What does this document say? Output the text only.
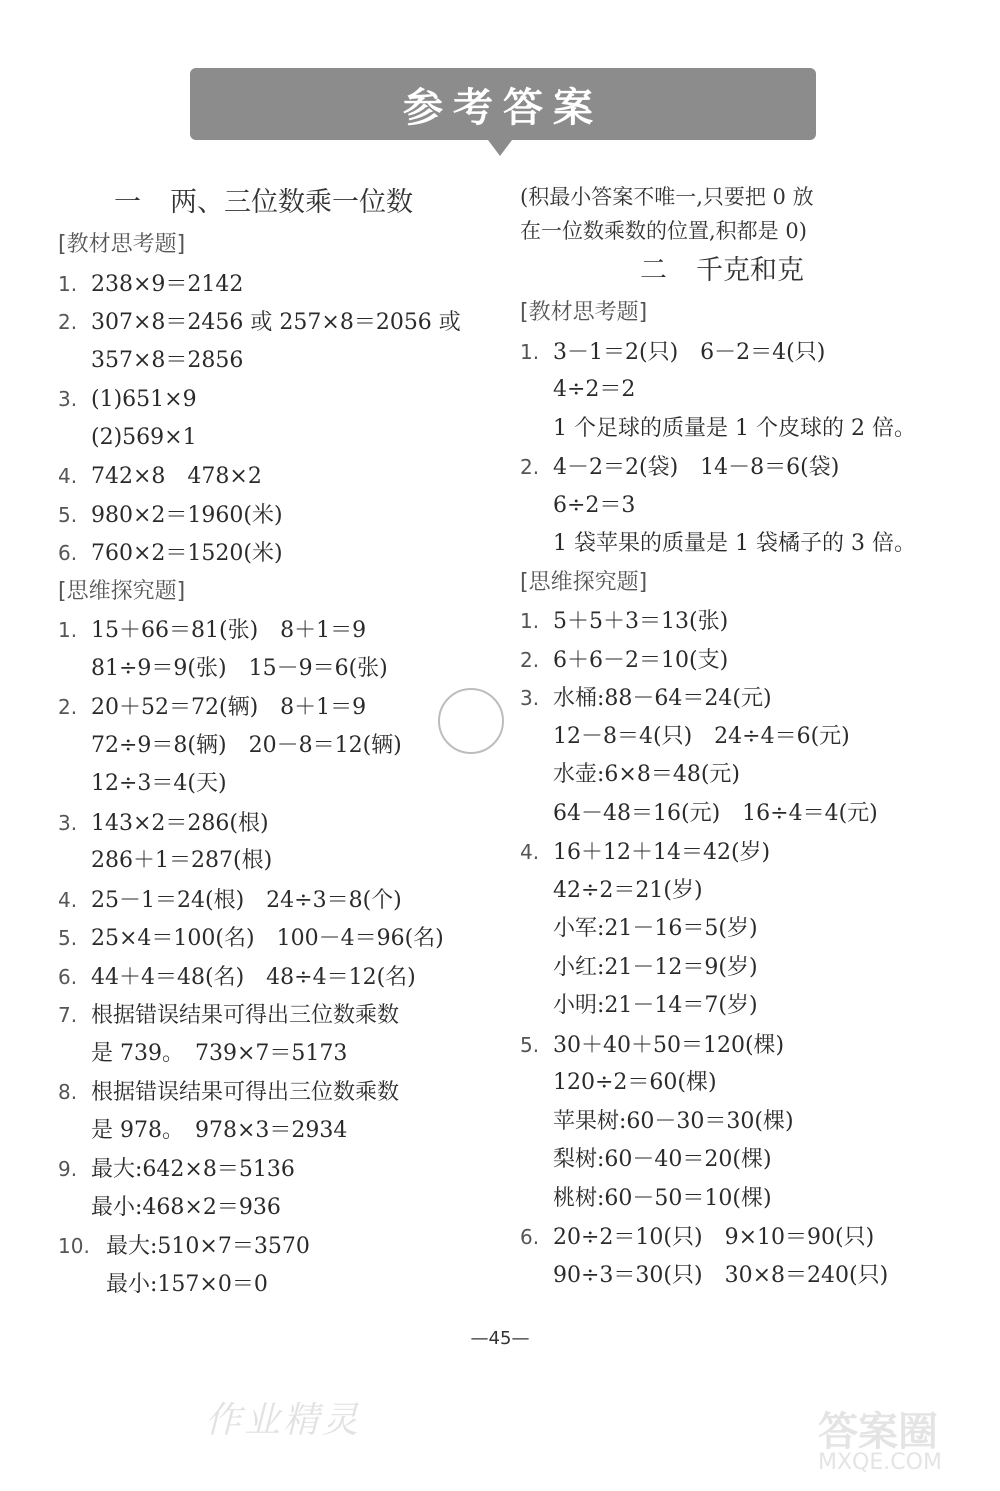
参考答案
一 两、三位数乘一位数
[教材思考题]
1. 238×9＝2142
2. 307×8＝2456 或 257×8＝2056 或
357×8＝2856
3. (1)651×9
(2)569×1
4. 742×8　478×2
5. 980×2＝1960(米)
6. 760×2＝1520(米)
[思维探究题]
1. 15＋66＝81(张)　8＋1＝9
81÷9＝9(张)　15－9＝6(张)
2. 20＋52＝72(辆)　8＋1＝9
72÷9＝8(辆)　20－8＝12(辆)
12÷3＝4(天)
3. 143×2＝286(根)
286＋1＝287(根)
4. 25－1＝24(根)　24÷3＝8(个)
5. 25×4＝100(名)　100－4＝96(名)
6. 44＋4＝48(名)　48÷4＝12(名)
7. 根据错误结果可得出三位数乘数
是 739。　739×7＝5173
8. 根据错误结果可得出三位数乘数
是 978。　978×3＝2934
9. 最大:642×8＝5136
最小:468×2＝936
10. 最大:510×7＝3570
最小:157×0＝0
(积最小答案不唯一,只要把 0 放
在一位数乘数的位置,积都是 0)
二 千克和克
[教材思考题]
1. 3－1＝2(只)　6－2＝4(只)
4÷2＝2
1 个足球的质量是 1 个皮球的 2 倍。
2. 4－2＝2(袋)　14－8＝6(袋)
6÷2＝3
1 袋苹果的质量是 1 袋橘子的 3 倍。
[思维探究题]
1. 5＋5＋3＝13(张)
2. 6＋6－2＝10(支)
3. 水桶:88－64＝24(元)
12－8＝4(只)　24÷4＝6(元)
水壶:6×8＝48(元)
64－48＝16(元)　16÷4＝4(元)
4. 16＋12＋14＝42(岁)
42÷2＝21(岁)
小军:21－16＝5(岁)
小红:21－12＝9(岁)
小明:21－14＝7(岁)
5. 30＋40＋50＝120(棵)
120÷2＝60(棵)
苹果树:60－30＝30(棵)
梨树:60－40＝20(棵)
桃树:60－50＝10(棵)
6. 20÷2＝10(只)　9×10＝90(只)
90÷3＝30(只)　30×8＝240(只)
—45—
作业精灵	答案圈
MXQE.COM
